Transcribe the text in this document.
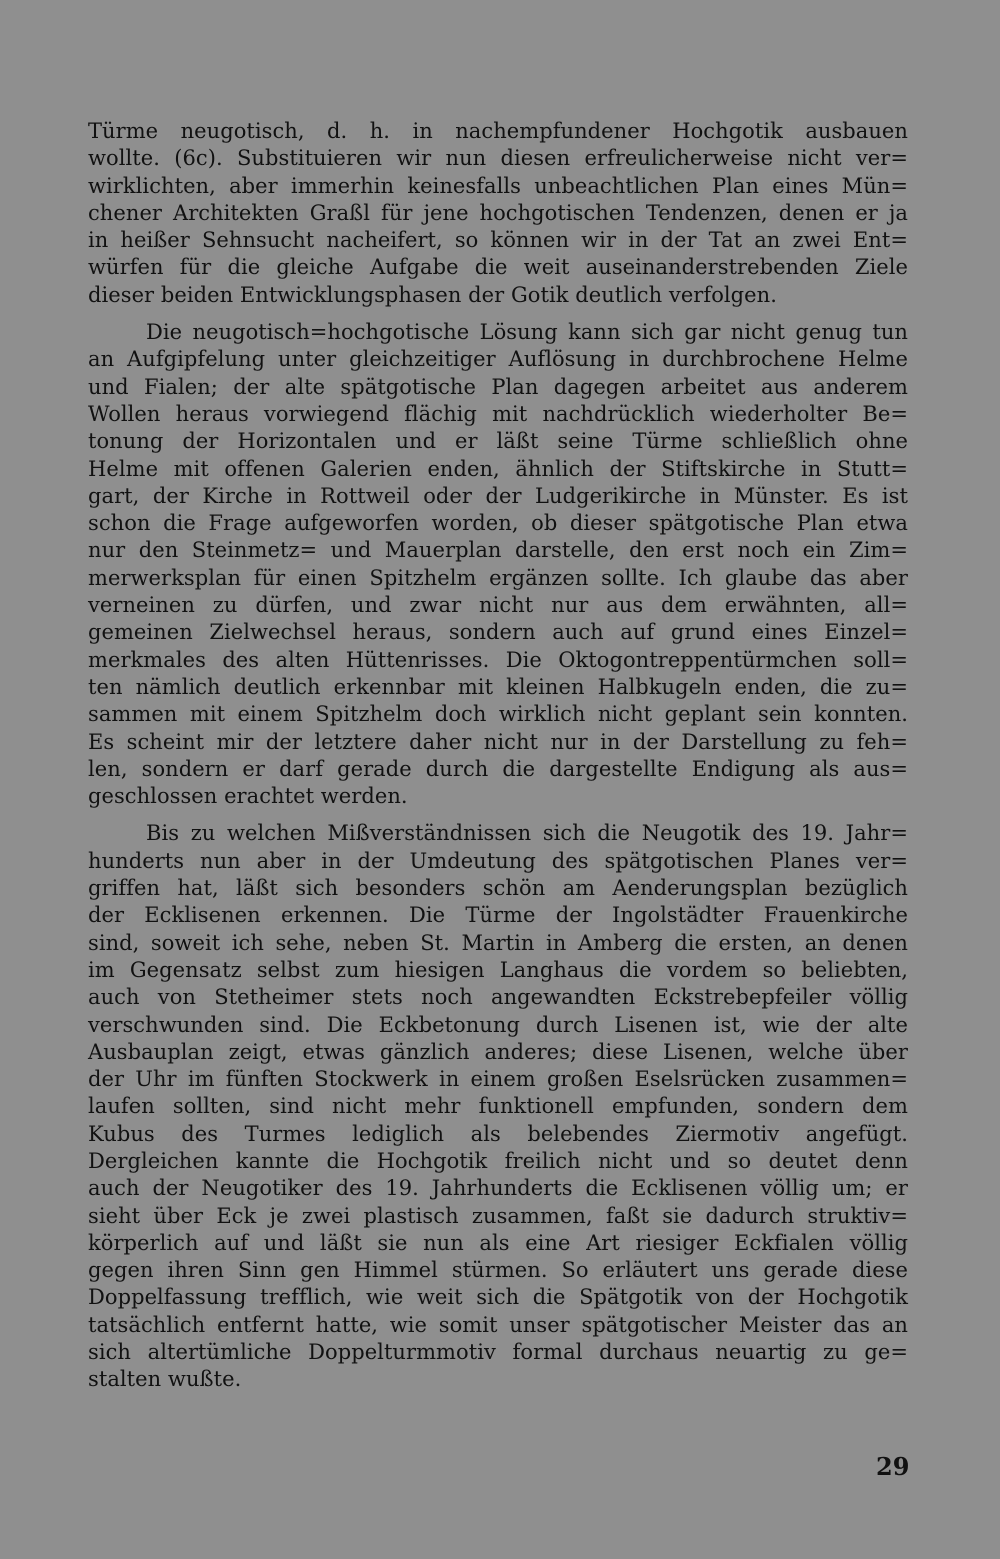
Türme neugotisch, d. h. in nachempfundener Hochgotik ausbauen
wollte. (6c). Substituieren wir nun diesen erfreulicherweise nicht ver=
wirklichten, aber immerhin keinesfalls unbeachtlichen Plan eines Mün=
chener Architekten Graßl für jene hochgotischen Tendenzen, denen er ja
in heißer Sehnsucht nacheifert, so können wir in der Tat an zwei Ent=
würfen für die gleiche Aufgabe die weit auseinanderstrebenden Ziele
dieser beiden Entwicklungsphasen der Gotik deutlich verfolgen.
Die neugotisch=hochgotische Lösung kann sich gar nicht genug tun
an Aufgipfelung unter gleichzeitiger Auflösung in durchbrochene Helme
und Fialen; der alte spätgotische Plan dagegen arbeitet aus anderem
Wollen heraus vorwiegend flächig mit nachdrücklich wiederholter Be=
tonung der Horizontalen und er läßt seine Türme schließlich ohne
Helme mit offenen Galerien enden, ähnlich der Stiftskirche in Stutt=
gart, der Kirche in Rottweil oder der Ludgerikirche in Münster. Es ist
schon die Frage aufgeworfen worden, ob dieser spätgotische Plan etwa
nur den Steinmetz= und Mauerplan darstelle, den erst noch ein Zim=
merwerksplan für einen Spitzhelm ergänzen sollte. Ich glaube das aber
verneinen zu dürfen, und zwar nicht nur aus dem erwähnten, all=
gemeinen Zielwechsel heraus, sondern auch auf grund eines Einzel=
merkmales des alten Hüttenrisses. Die Oktogontreppentürmchen soll=
ten nämlich deutlich erkennbar mit kleinen Halbkugeln enden, die zu=
sammen mit einem Spitzhelm doch wirklich nicht geplant sein konnten.
Es scheint mir der letztere daher nicht nur in der Darstellung zu feh=
len, sondern er darf gerade durch die dargestellte Endigung als aus=
geschlossen erachtet werden.
Bis zu welchen Mißverständnissen sich die Neugotik des 19. Jahr=
hunderts nun aber in der Umdeutung des spätgotischen Planes ver=
griffen hat, läßt sich besonders schön am Aenderungsplan bezüglich
der Ecklisenen erkennen. Die Türme der Ingolstädter Frauenkirche
sind, soweit ich sehe, neben St. Martin in Amberg die ersten, an denen
im Gegensatz selbst zum hiesigen Langhaus die vordem so beliebten,
auch von Stetheimer stets noch angewandten Eckstrebepfeiler völlig
verschwunden sind. Die Eckbetonung durch Lisenen ist, wie der alte
Ausbauplan zeigt, etwas gänzlich anderes; diese Lisenen, welche über
der Uhr im fünften Stockwerk in einem großen Eselsrücken zusammen=
laufen sollten, sind nicht mehr funktionell empfunden, sondern dem
Kubus des Turmes lediglich als belebendes Ziermotiv angefügt.
Dergleichen kannte die Hochgotik freilich nicht und so deutet denn
auch der Neugotiker des 19. Jahrhunderts die Ecklisenen völlig um; er
sieht über Eck je zwei plastisch zusammen, faßt sie dadurch struktiv=
körperlich auf und läßt sie nun als eine Art riesiger Eckfialen völlig
gegen ihren Sinn gen Himmel stürmen. So erläutert uns gerade diese
Doppelfassung trefflich, wie weit sich die Spätgotik von der Hochgotik
tatsächlich entfernt hatte, wie somit unser spätgotischer Meister das an
sich altertümliche Doppelturmmotiv formal durchaus neuartig zu ge=
stalten wußte.
29
